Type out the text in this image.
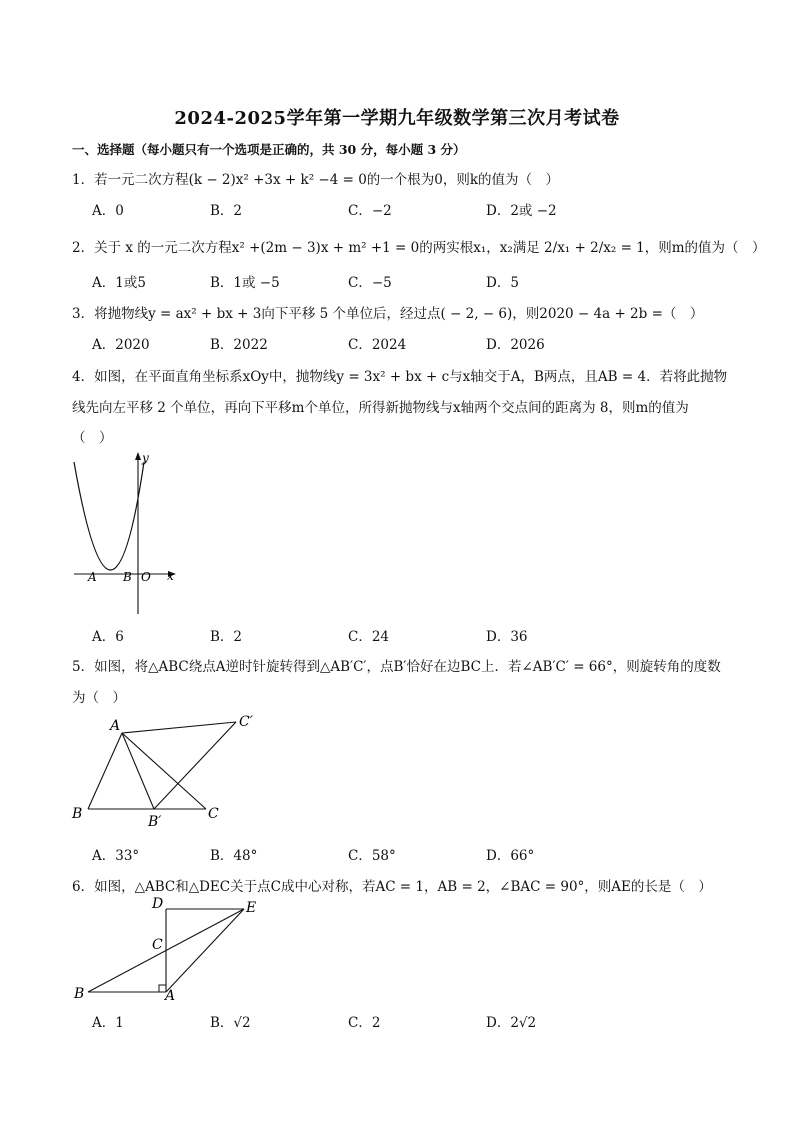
2024-2025学年第一学期九年级数学第三次月考试卷
一、选择题（每小题只有一个选项是正确的，共 30 分，每小题 3 分）
1．若一元二次方程(k − 2)x² +3x + k² −4 = 0的一个根为0，则k的值为（　）
A．0	B．2	C．−2	D．2或 −2
2．关于 x 的一元二次方程x² +(2m − 3)x + m² +1 = 0的两实根x₁，x₂满足 2/x₁ + 2/x₂ = 1，则m的值为（　）
A．1或5	B．1或 −5	C．−5	D．5
3．将抛物线y = ax² + bx + 3向下平移 5 个单位后，经过点( − 2, − 6)，则2020 − 4a + 2b =（　）
A．2020	B．2022	C．2024	D．2026
4．如图，在平面直角坐标系xOy中，抛物线y = 3x² + bx + c与x轴交于A，B两点，且AB = 4．若将此抛物
线先向左平移 2 个单位，再向下平移m个单位，所得新抛物线与x轴两个交点间的距离为 8，则m的值为
（　）
y
x
A B O
A．6	B．2	C．24	D．36
5．如图，将△ABC绕点A逆时针旋转得到△AB′C′，点B′恰好在边BC上．若∠AB′C′ = 66°，则旋转角的度数
为（　）
A
B	B′	C
C′
A．33°	B．48°	C．58°	D．66°
6．如图，△ABC和△DEC关于点C成中心对称，若AC = 1，AB = 2，∠BAC = 90°，则AE的长是（　）
D	E
C
B	A
A．1	B．√2	C．2	D．2√2
